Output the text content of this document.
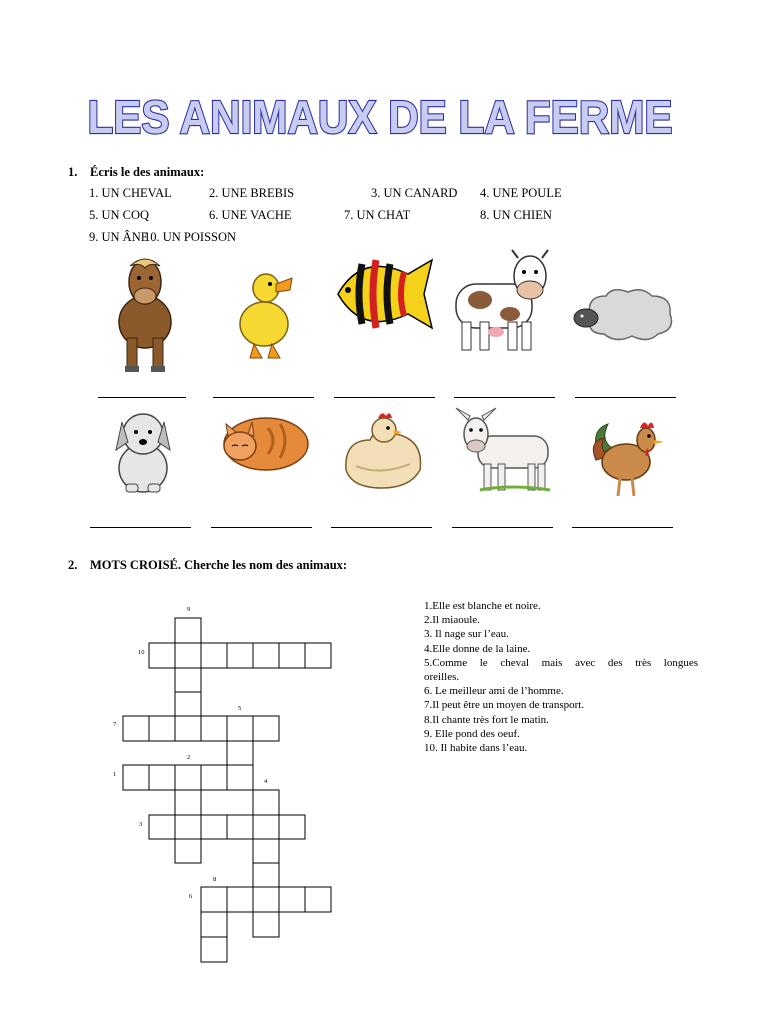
LES ANIMAUX DE LA FERME
1. Écris le des animaux:
1. UN CHEVAL	2. UNE BREBIS	3. UN CANARD 4. UNE POULE
5. UN COQ	6. UNE VACHE	7. UN CHAT	8. UN CHIEN
9. UN ÂNE
10. UN POISSON
2. MOTS CROISÉ. Cherche les nom des animaux:
9
10
5
7
2
1
4
3
8
6
1.Elle est blanche et noire.
2.Il miaoule.
3. Il nage sur l’eau.
4.Elle donne de la laine.
5.Comme le cheval mais avec des très longues
oreilles.
6. Le meilleur ami de l’homme.
7.Il peut être un moyen de transport.
8.Il chante très fort le matin.
9. Elle pond des oeuf.
10. Il habite dans l’eau.
